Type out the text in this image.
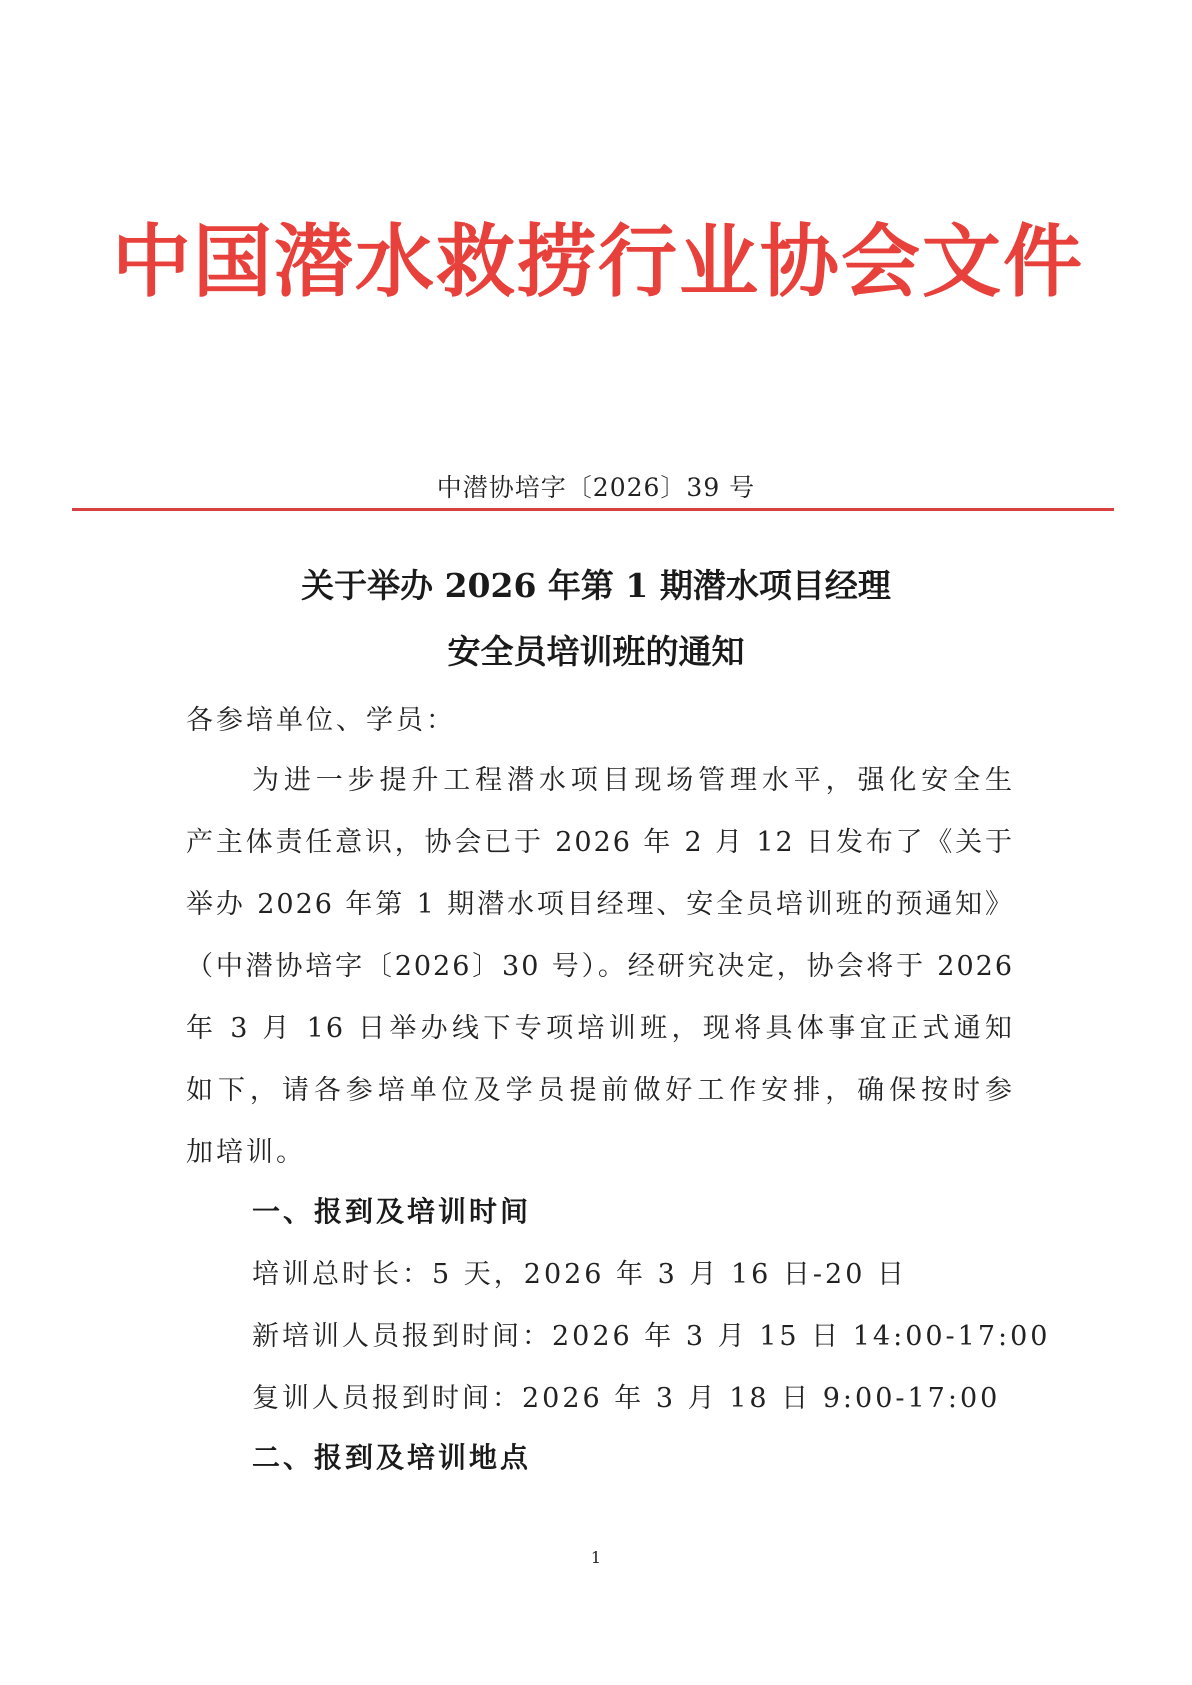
中国潜水救捞行业协会文件
中潜协培字〔2026〕39 号
关于举办 2026 年第 1 期潜水项目经理
安全员培训班的通知
各参培单位、学员：
为进一步提升工程潜水项目现场管理水平，强化安全生
产主体责任意识，协会已于 2026 年 2 月 12 日发布了《关于
举办 2026 年第 1 期潜水项目经理、安全员培训班的预通知》
（中潜协培字〔2026〕30 号）。经研究决定，协会将于 2026
年 3 月 16 日举办线下专项培训班，现将具体事宜正式通知
如下，请各参培单位及学员提前做好工作安排，确保按时参
加培训。
一、报到及培训时间
培训总时长：5 天，2026 年 3 月 16 日-20 日
新培训人员报到时间：2026 年 3 月 15 日 14:00-17:00
复训人员报到时间：2026 年 3 月 18 日 9:00-17:00
二、报到及培训地点
1
